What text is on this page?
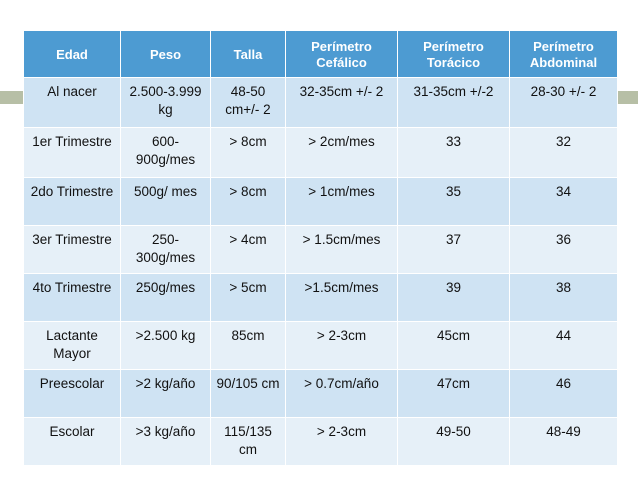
Edad	Peso	Talla	Perímetro Cefálico	Perímetro Torácico	Perímetro Abdominal
Al nacer	2.500-3.999 kg	48-50 cm+/- 2	32-35cm +/- 2	31-35cm +/-2	28-30 +/- 2
1er Trimestre	600-900g/mes	> 8cm	> 2cm/mes	33	32
2do Trimestre	500g/ mes	> 8cm	> 1cm/mes	35	34
3er Trimestre	250-300g/mes	> 4cm	> 1.5cm/mes	37	36
4to Trimestre	250g/mes	> 5cm	>1.5cm/mes	39	38
Lactante Mayor	>2.500 kg	85cm	> 2-3cm	45cm	44
Preescolar	>2 kg/año	90/105 cm	> 0.7cm/año	47cm	46
Escolar	>3 kg/año	115/135 cm	> 2-3cm	49-50	48-49
